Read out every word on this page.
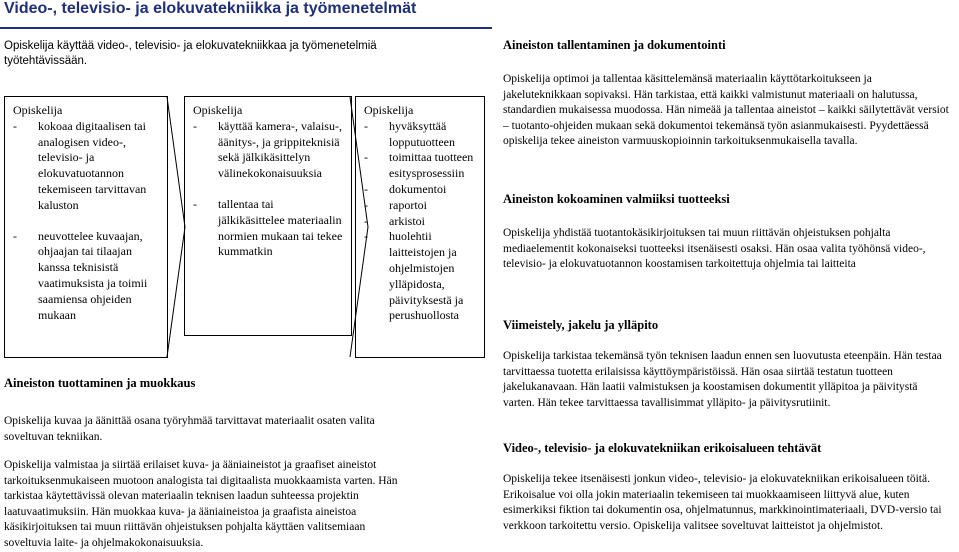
Video-, televisio- ja elokuvatekniikka ja työmenetelmät

Opiskelija käyttää video-, televisio- ja elokuvatekniikkaa ja työmenetelmiä työtehtävissään.

Opiskelija
- kokoaa digitaalisen tai analogisen video-, televisio- ja elokuvatuotannon tekemiseen tarvittavan kaluston
- neuvottelee kuvaajan, ohjaajan tai tilaajan kanssa teknisistä vaatimuksista ja toimii saamiensa ohjeiden mukaan
Opiskelija
- käyttää kamera-, valaisu-, äänitys-, ja grippiteknisiä sekä jälkikäsittelyn välinekokonaisuuksia
- tallentaa tai jälkikäsittelee materiaalin normien mukaan tai tekee kummatkin
Opiskelija
- hyväksyttää lopputuotteen
- toimittaa tuotteen esitysprosessiin
- dokumentoi
- raportoi
- arkistoi
- huolehtii laitteistojen ja ohjelmistojen ylläpidosta, päivityksestä ja perushuollosta
Aineiston tuottaminen ja muokkaus

Opiskelija kuvaa ja äänittää osana työryhmää tarvittavat materiaalit osaten valita soveltuvan tekniikan.

Opiskelija valmistaa ja siirtää erilaiset kuva- ja ääniaineistot ja graafiset aineistot tarkoituksenmukaiseen muotoon analogista tai digitaalista muokkaamista varten. Hän tarkistaa käytettävissä olevan materiaalin teknisen laadun suhteessa projektin laatuvaatimuksiin. Hän muokkaa kuva- ja ääniaineistoa ja graafista aineistoa käsikirjoituksen tai muun riittävän ohjeistuksen pohjalta käyttäen valitsemiaan soveltuvia laite- ja ohjelmakokonaisuuksia.

Aineiston tallentaminen ja dokumentointi

Opiskelija optimoi ja tallentaa käsittelemänsä materiaalin käyttötarkoitukseen ja jakeluteknikkaan sopivaksi. Hän tarkistaa, että kaikki valmistunut materiaali on halutussa, standardien mukaisessa muodossa. Hän nimeää ja tallentaa aineistot – kaikki säilytettävät versiot – tuotanto-ohjeiden mukaan sekä dokumentoi tekemänsä työn asianmukaisesti. Pyydettäessä opiskelija tekee aineiston varmuuskopioinnin tarkoituksenmukaisella tavalla.

Aineiston kokoaminen valmiiksi tuotteeksi

Opiskelija yhdistää tuotantokäsikirjoituksen tai muun riittävän ohjeistuksen pohjalta mediaelementit kokonaiseksi tuotteeksi itsenäisesti osaksi. Hän osaa valita työhönsä video-, televisio- ja elokuvatuotannon koostamisen tarkoitettuja ohjelmia tai laitteita

Viimeistely, jakelu ja ylläpito

Opiskelija tarkistaa tekemänsä työn teknisen laadun ennen sen luovutusta eteenpäin. Hän testaa tarvittaessa tuotetta erilaisissa käyttöympäristöissä. Hän osaa siirtää testatun tuotteen jakelukanavaan. Hän laatii valmistuksen ja koostamisen dokumentit ylläpitoa ja päivitystä varten. Hän tekee tarvittaessa tavallisimmat ylläpito- ja päivitysrutiinit.

Video-, televisio- ja elokuvatekniikan erikoisalueen tehtävät

Opiskelija tekee itsenäisesti jonkun video-, televisio- ja elokuvatekniikan erikoisalueen töitä. Erikoisalue voi olla jokin materiaalin tekemiseen tai muokkaamiseen liittyvä alue, kuten esimerkiksi fiktion tai dokumentin osa, ohjelmatunnus, markkinointimateriaali, DVD-versio tai verkkoon tarkoitettu versio. Opiskelija valitsee soveltuvat laitteistot ja ohjelmistot.
